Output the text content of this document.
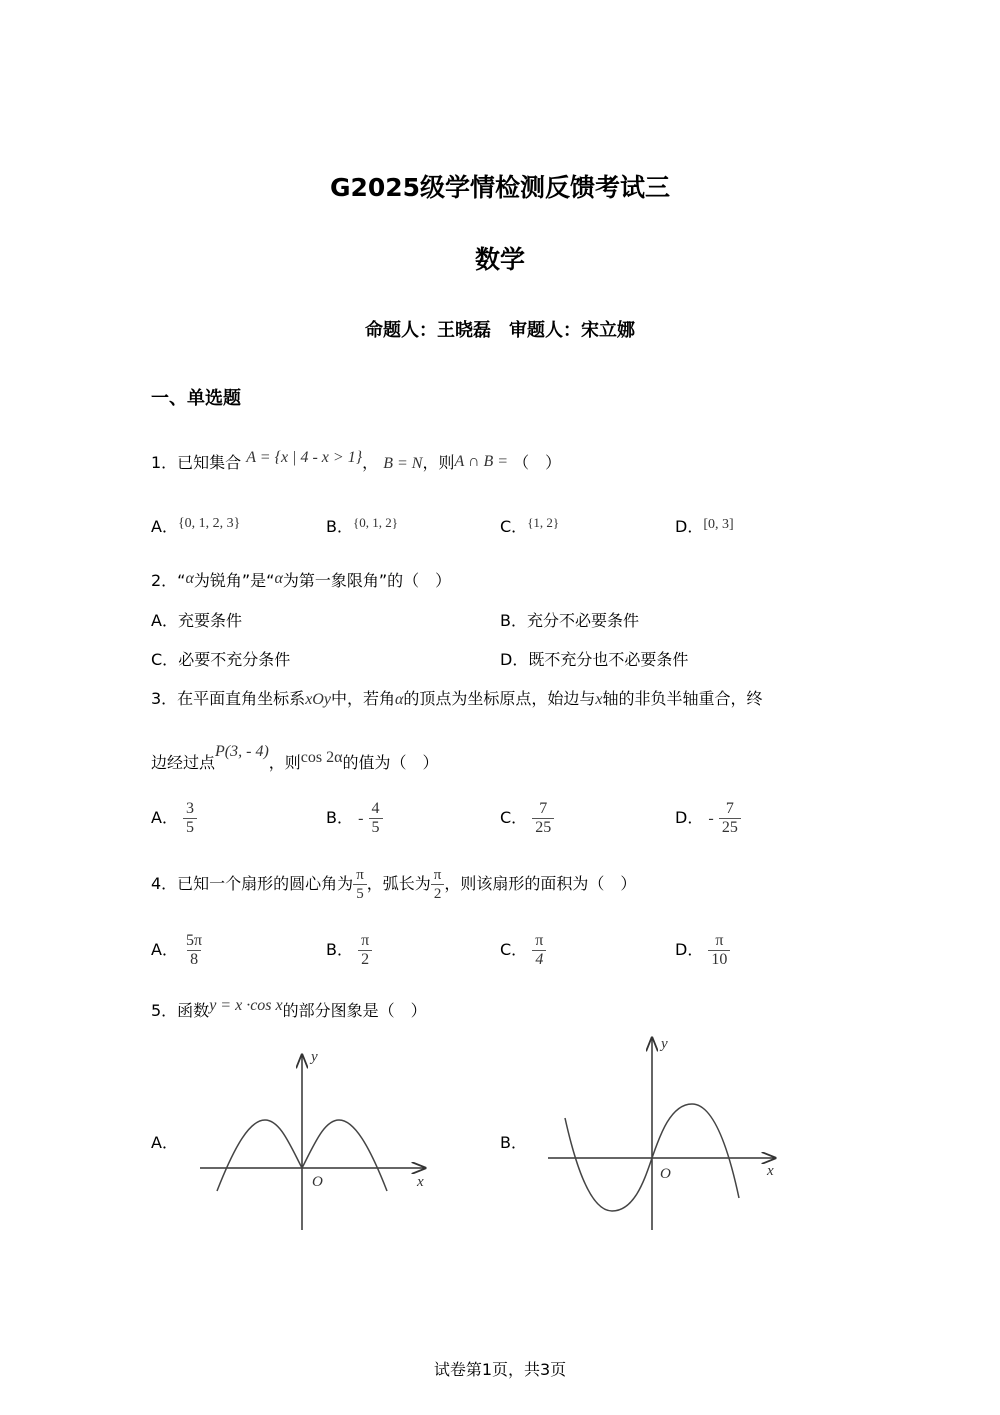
G2025级学情检测反馈考试三
数学
命题人：王晓磊　审题人：宋立娜
一、单选题
1．已知集合 A = {x | 4 - x > 1}， B = N，则A ∩ B = （　）
A．{0, 1, 2, 3}	B．$^{\{0, 1, 2\}}$	C．$^{\{1, 2\}}$	D．[0, 3]
2．“α为锐角”是“α为第一象限角”的（　）
A．充要条件	B．充分不必要条件
C．必要不充分条件	D．既不充分也不必要条件
3．在平面直角坐标系xOy中，若角α的顶点为坐标原点，始边与x轴的非负半轴重合，终
边经过点P(3, - 4)，则cos 2α的值为（　）
A． $\frac{3}{5}$	B． - $\frac{4}{5}$	C． $\frac{7}{25}$	D． - $\frac{7}{25}$
4．已知一个扇形的圆心角为 $\frac{\pi}{5}$ ，弧长为 $\frac{\pi}{2}$ ，则该扇形的面积为（　）
A． $\frac{5\pi}{8}$	B． $\frac{\pi}{2}$	C． $\frac{\pi}{4}$	D． $\frac{\pi}{10}$
5．函数y = x ·cos x的部分图象是（　）
A．	B．
y
x
O
y
x
O
试卷第1页，共3页
